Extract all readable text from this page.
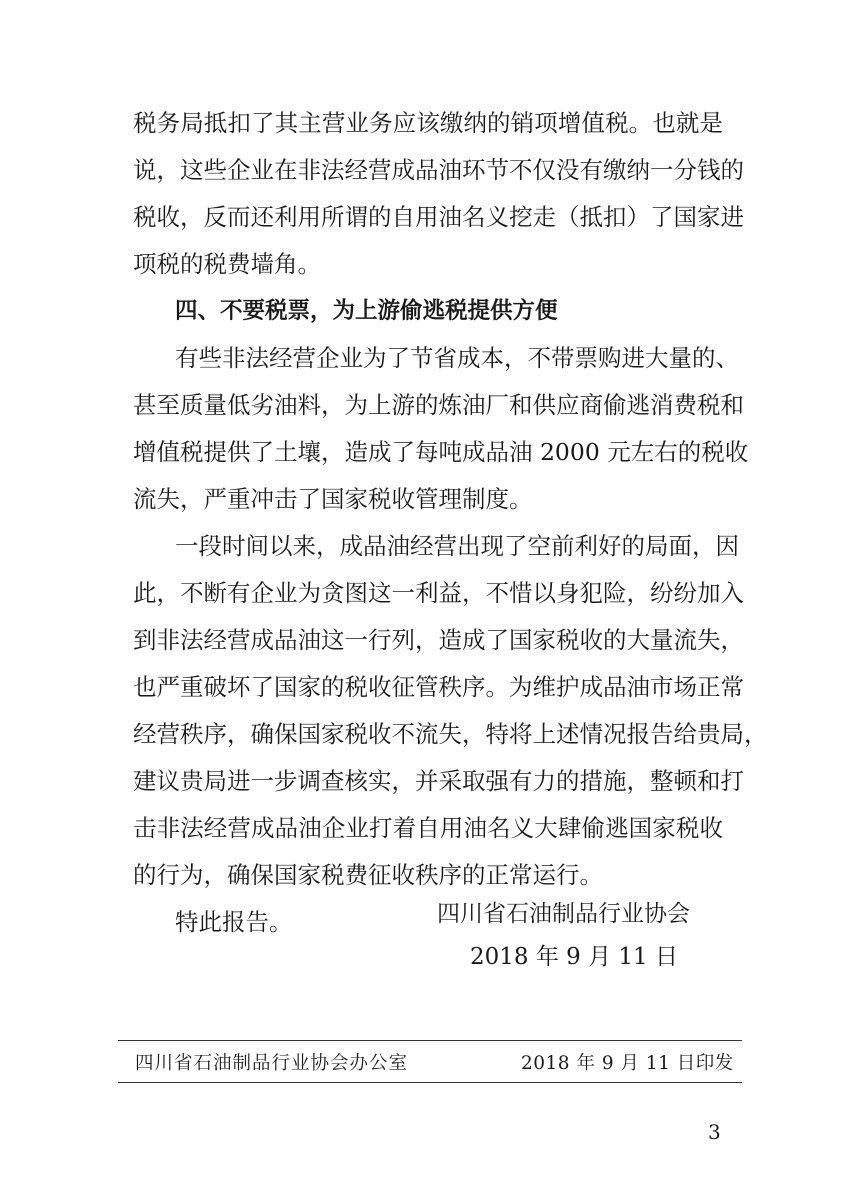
税务局抵扣了其主营业务应该缴纳的销项增值税。也就是
说，这些企业在非法经营成品油环节不仅没有缴纳一分钱的
税收，反而还利用所谓的自用油名义挖走（抵扣）了国家进
项税的税费墙角。
四、不要税票，为上游偷逃税提供方便
有些非法经营企业为了节省成本，不带票购进大量的、
甚至质量低劣油料，为上游的炼油厂和供应商偷逃消费税和
增值税提供了土壤，造成了每吨成品油 2000 元左右的税收
流失，严重冲击了国家税收管理制度。
一段时间以来，成品油经营出现了空前利好的局面，因
此，不断有企业为贪图这一利益，不惜以身犯险，纷纷加入
到非法经营成品油这一行列，造成了国家税收的大量流失，
也严重破坏了国家的税收征管秩序。为维护成品油市场正常
经营秩序，确保国家税收不流失，特将上述情况报告给贵局，
建议贵局进一步调查核实，并采取强有力的措施，整顿和打
击非法经营成品油企业打着自用油名义大肆偷逃国家税收
的行为，确保国家税费征收秩序的正常运行。
特此报告。	四川省石油制品行业协会
2018 年 9 月 11 日
四川省石油制品行业协会办公室	2018 年 9 月 11 日印发
3
